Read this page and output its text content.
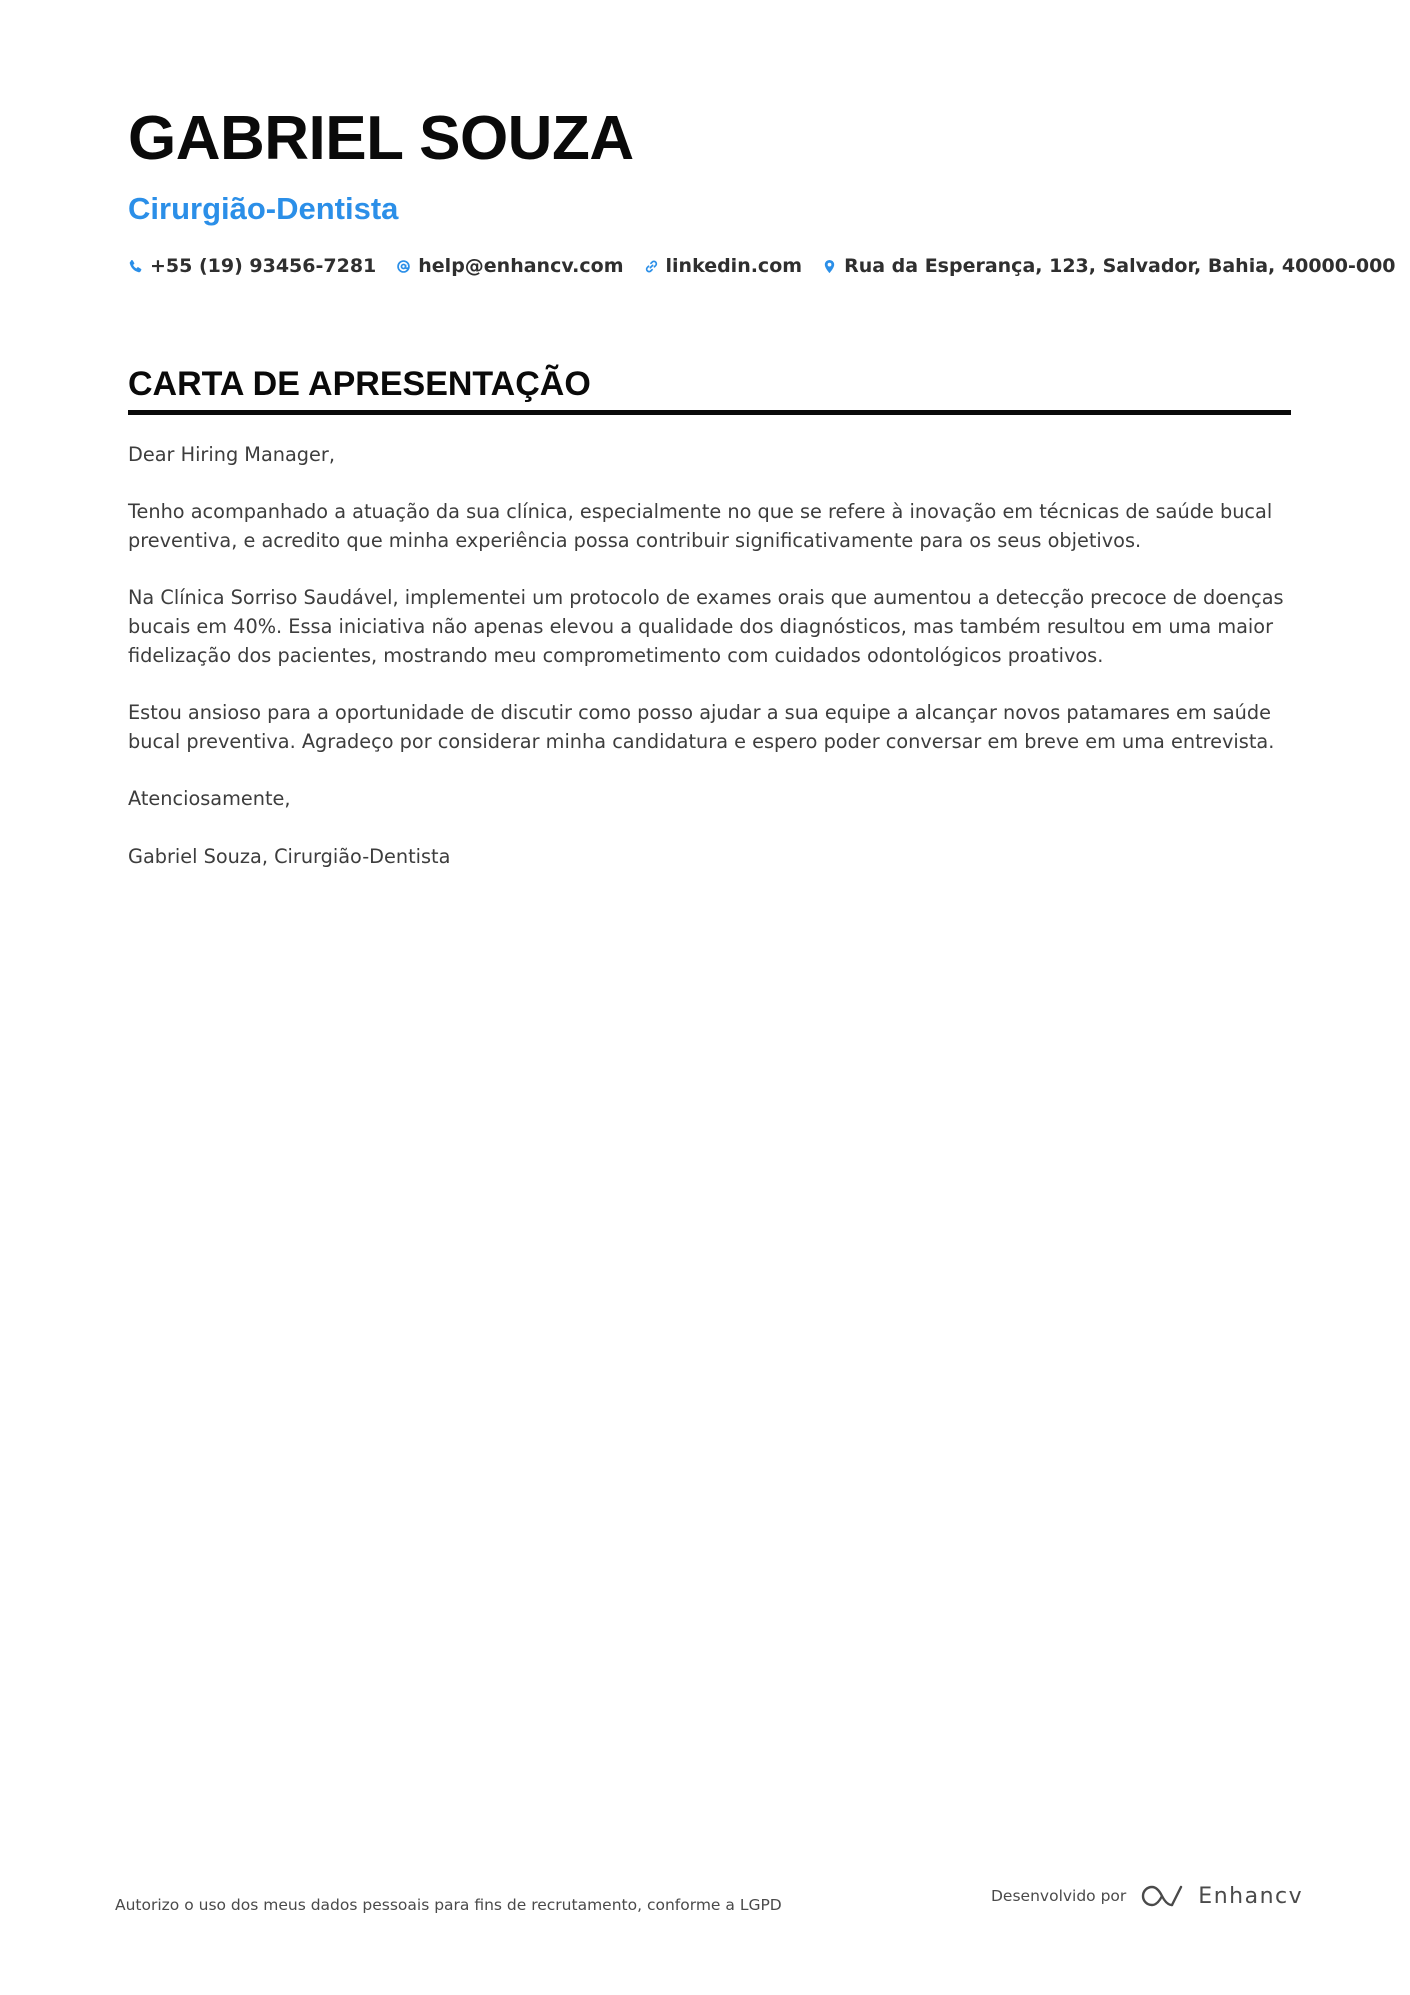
GABRIEL SOUZA
Cirurgião-Dentista
+55 (19) 93456-7281 help@enhancv.com linkedin.com Rua da Esperança, 123, Salvador, Bahia, 40000-000
CARTA DE APRESENTAÇÃO

Dear Hiring Manager,

Tenho acompanhado a atuação da sua clínica, especialmente no que se refere à inovação em técnicas de saúde bucal preventiva, e acredito que minha experiência possa contribuir significativamente para os seus objetivos.

Na Clínica Sorriso Saudável, implementei um protocolo de exames orais que aumentou a detecção precoce de doenças bucais em 40%. Essa iniciativa não apenas elevou a qualidade dos diagnósticos, mas também resultou em uma maior fidelização dos pacientes, mostrando meu comprometimento com cuidados odontológicos proativos.

Estou ansioso para a oportunidade de discutir como posso ajudar a sua equipe a alcançar novos patamares em saúde bucal preventiva. Agradeço por considerar minha candidatura e espero poder conversar em breve em uma entrevista.

Atenciosamente,

Gabriel Souza, Cirurgião-Dentista

Autorizo o uso dos meus dados pessoais para fins de recrutamento, conforme a LGPD	Desenvolvido por	Enhancv
